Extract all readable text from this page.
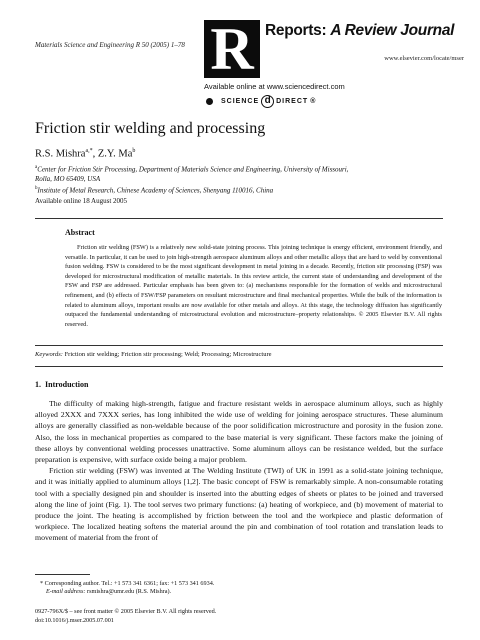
Materials Science and Engineering R 50 (2005) 1–78 R Reports: A Review Journal
www.elsevier.com/locate/mser
Available online at www.sciencedirect.com
SCIENCE d DIRECT ®
Friction stir welding and processing
R.S. Mishra$^{a,*}$, Z.Y. Ma$^b$
$^a$Center for Friction Stir Processing, Department of Materials Science and Engineering, University of Missouri,
Rolla, MO 65409, USA
$^b$Institute of Metal Research, Chinese Academy of Sciences, Shenyang 110016, China
Available online 18 August 2005
Abstract
Friction stir welding (FSW) is a relatively new solid-state joining process. This joining technique is energy efficient, environment friendly, and versatile. In particular, it can be used to join high-strength aerospace aluminum alloys and other metallic alloys that are hard to weld by conventional fusion welding. FSW is considered to be the most significant development in metal joining in a decade. Recently, friction stir processing (FSP) was developed for microstructural modification of metallic materials. In this review article, the current state of understanding and development of the FSW and FSP are addressed. Particular emphasis has been given to: (a) mechanisms responsible for the formation of welds and microstructural refinement, and (b) effects of FSW/FSP parameters on resultant microstructure and final mechanical properties. While the bulk of the information is related to aluminum alloys, important results are now available for other metals and alloys. At this stage, the technology diffusion has significantly outpaced the fundamental understanding of microstructural evolution and microstructure–property relationships. © 2005 Elsevier B.V. All rights reserved.
Keywords: Friction stir welding; Friction stir processing; Weld; Processing; Microstructure
1. Introduction

The difficulty of making high-strength, fatigue and fracture resistant welds in aerospace aluminum alloys, such as highly alloyed 2XXX and 7XXX series, has long inhibited the wide use of welding for joining aerospace structures. These aluminum alloys are generally classified as non-weldable because of the poor solidification microstructure and porosity in the fusion zone. Also, the loss in mechanical properties as compared to the base material is very significant. These factors make the joining of these alloys by conventional welding processes unattractive. Some aluminum alloys can be resistance welded, but the surface preparation is expensive, with surface oxide being a major problem.

Friction stir welding (FSW) was invented at The Welding Institute (TWI) of UK in 1991 as a solid-state joining technique, and it was initially applied to aluminum alloys [1,2]. The basic concept of FSW is remarkably simple. A non-consumable rotating tool with a specially designed pin and shoulder is inserted into the abutting edges of sheets or plates to be joined and traversed along the line of joint (Fig. 1). The tool serves two primary functions: (a) heating of workpiece, and (b) movement of material to produce the joint. The heating is accomplished by friction between the tool and the workpiece and plastic deformation of workpiece. The localized heating softens the material around the pin and combination of tool rotation and translation leads to movement of material from the front of

* Corresponding author. Tel.: +1 573 341 6361; fax: +1 573 341 6934.
E-mail address: rsmishra@umr.edu (R.S. Mishra).
0927-796X/$ – see front matter © 2005 Elsevier B.V. All rights reserved.
doi:10.1016/j.mser.2005.07.001
